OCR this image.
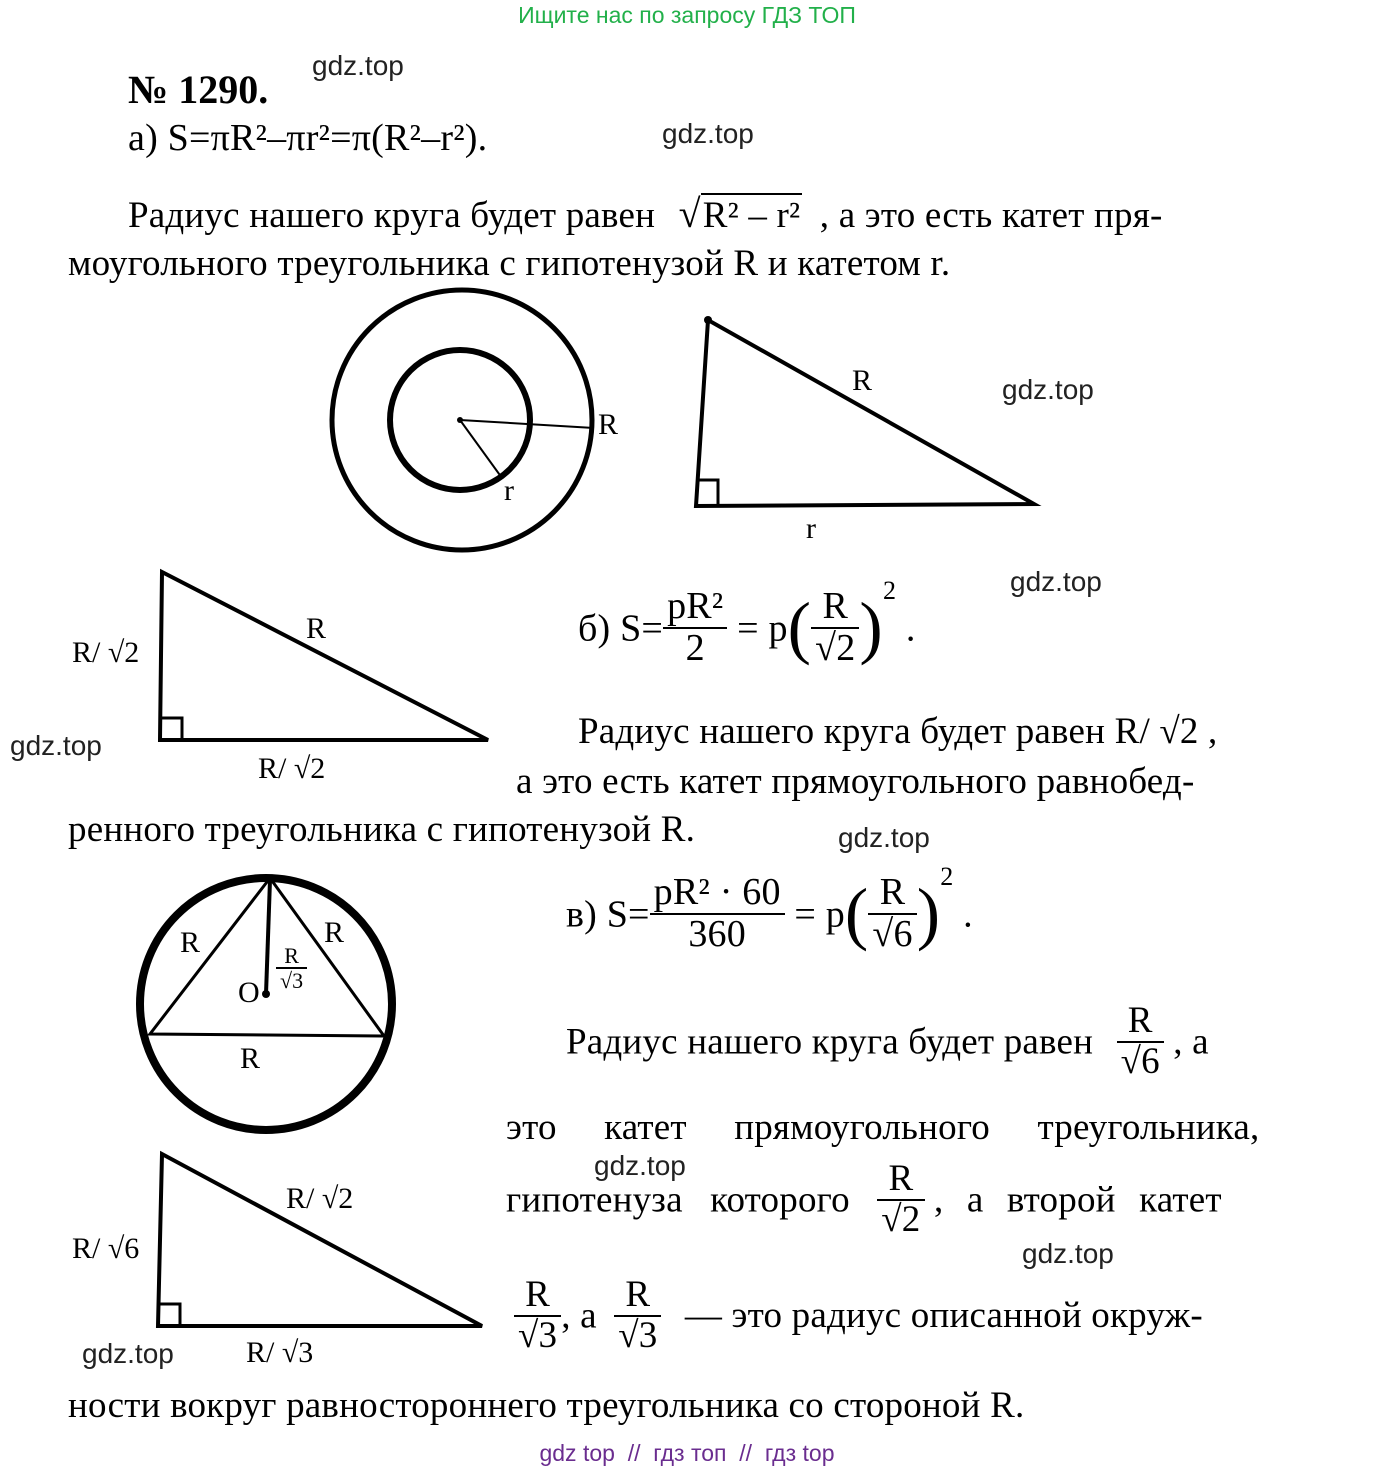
Ищите нас по запросу ГДЗ ТОП
№ 1290.
gdz.top
gdz.top
gdz.top
gdz.top
gdz.top
gdz.top
gdz.top
gdz.top
gdz.top
а) S=πR²–πr²=π(R²–r²).
Радиус нашего круга будет равен √R² – r² , а это есть катет пря-
моугольного треугольника с гипотенузой R и катетом r.
R
r
R
r
R
R/ √2
R/ √2
б) $S= \frac{\text{pR²}}{2} = p( \frac{R}{√2} )^2$ .
Радиус нашего круга будет равен R/ √2 ,
а это есть катет прямоугольного равнобед-
ренного треугольника с гипотенузой R.
R	R
R
O
$\frac{R}{√3}$
в) $S= \frac{\text{pR² · 60}}{360} = p( \frac{R}{√6} )^2$ .
Радиус нашего круга будет равен $\frac{R}{√6}$ , а
это катет прямоугольного треугольника,
гипотенуза которого $\frac{R}{√2}$ , а второй катет
$\frac{R}{√3}$ , а $\frac{R}{√3}$ — это радиус описанной окруж-
ности вокруг равностороннего треугольника со стороной R.
R/ √2
R/ √6
R/ √3
gdz top  //  гдз топ  //  гдз top
